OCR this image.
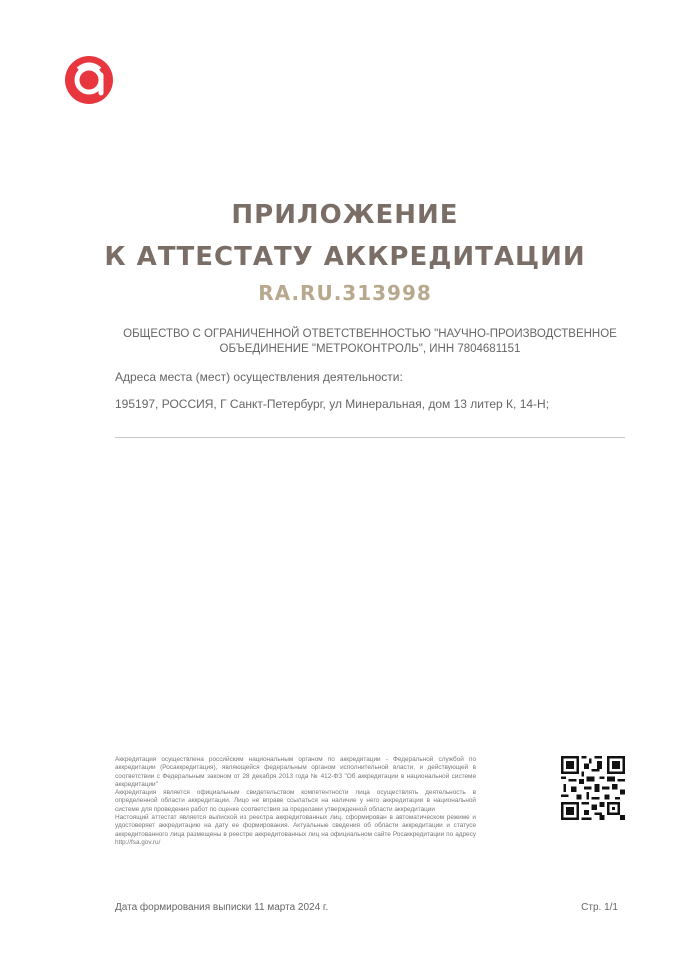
ПРИЛОЖЕНИЕ
К АТТЕСТАТУ АККРЕДИТАЦИИ
RA.RU.313998
ОБЩЕСТВО С ОГРАНИЧЕННОЙ ОТВЕТСТВЕННОСТЬЮ "НАУЧНО-ПРОИЗВОДСТВЕННОЕ
ОБЪЕДИНЕНИЕ "МЕТРОКОНТРОЛЬ", ИНН 7804681151
Адреса места (мест) осуществления деятельности:
195197, РОССИЯ, Г Санкт-Петербург, ул Минеральная, дом 13 литер К, 14-Н;

Аккредитация осуществлена российским национальным органом по аккредитации - Федеральной службой по аккредитации (Росаккредитация), являющейся федеральным органом исполнительной власти, и действующей в соответствии с Федеральным законом от 28 декабря 2013 года № 412-ФЗ "Об аккредитации в национальной системе аккредитации"

Аккредитация является официальным свидетельством компетентности лица осуществлять деятельность в определенной области аккредитации. Лицо не вправе ссылаться на наличие у него аккредитации в национальной системе для проведения работ по оценке соответствия за пределами утвержденной области аккредитации

Настоящий аттестат является выпиской из реестра аккредитованных лиц, сформирован в автоматическом режиме и удостоверяет аккредитацию на дату ее формирования. Актуальные сведения об области аккредитации и статусе аккредитованного лица размещены в реестре аккредитованных лиц на официальном сайте Росаккредитации по адресу http://fsa.gov.ru/

Дата формирования выписки 11 марта 2024 г.	Стр. 1/1
